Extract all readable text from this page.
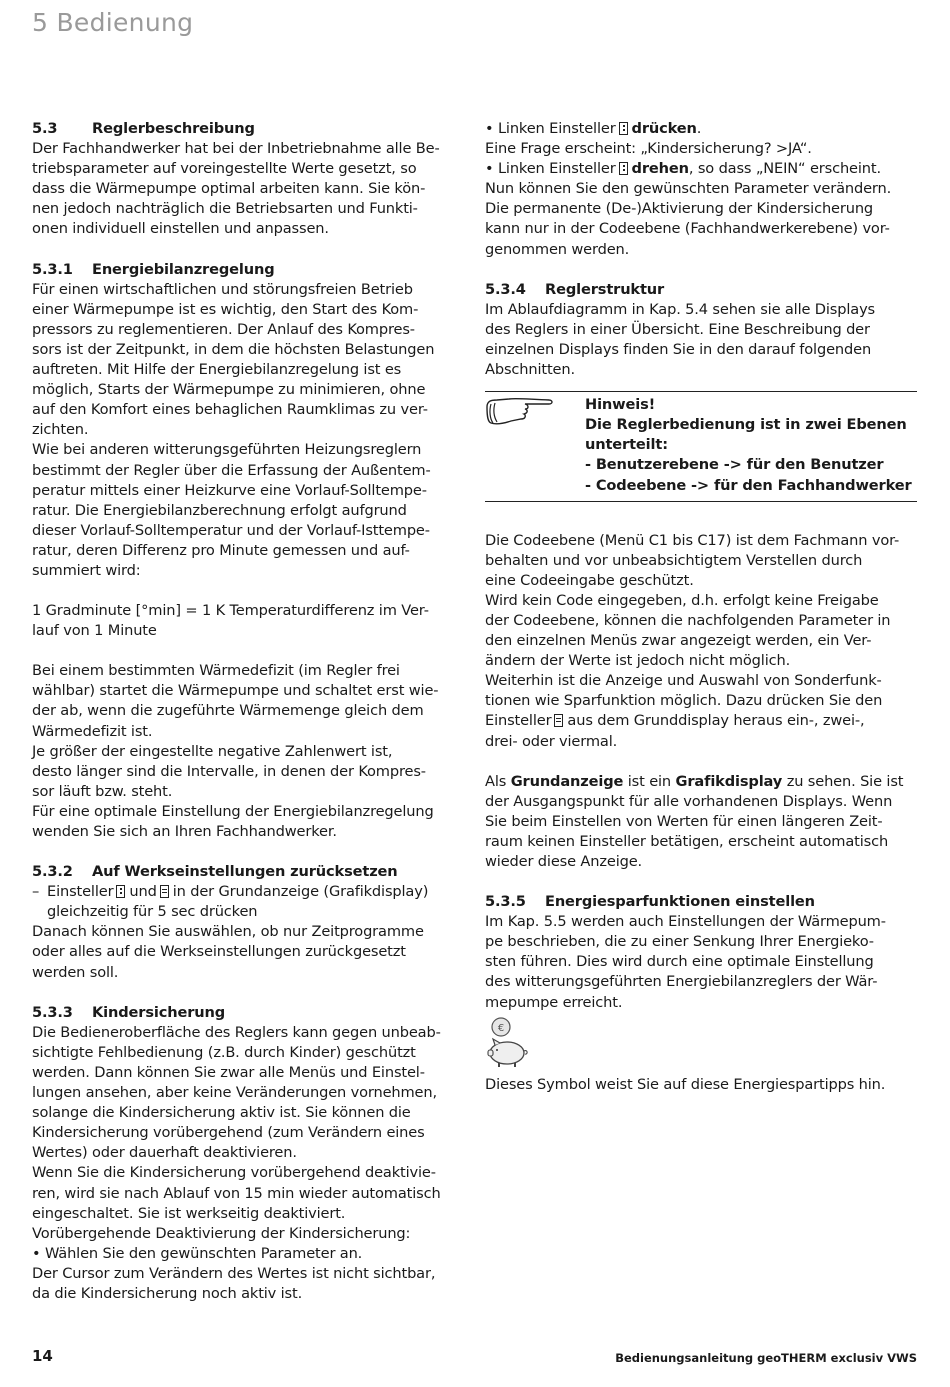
5 Bedienung

5.3 Reglerbeschreibung

Der Fachhandwerker hat bei der Inbetriebnahme alle Be-

triebsparameter auf voreingestellte Werte gesetzt, so

dass die Wärmepumpe optimal arbeiten kann. Sie kön-

nen jedoch nachträglich die Betriebsarten und Funkti-

onen individuell einstellen und anpassen.

5.3.1 Energiebilanzregelung

Für einen wirtschaftlichen und störungsfreien Betrieb

einer Wärmepumpe ist es wichtig, den Start des Kom-

pressors zu reglementieren. Der Anlauf des Kompres-

sors ist der Zeitpunkt, in dem die höchsten Belastungen

auftreten. Mit Hilfe der Energiebilanzregelung ist es

möglich, Starts der Wärmepumpe zu minimieren, ohne

auf den Komfort eines behaglichen Raumklimas zu ver-

zichten.

Wie bei anderen witterungsgeführten Heizungsreglern

bestimmt der Regler über die Erfassung der Außentem-

peratur mittels einer Heizkurve eine Vorlauf-Solltempe-

ratur. Die Energiebilanzberechnung erfolgt aufgrund

dieser Vorlauf-Solltemperatur und der Vorlauf-Isttempe-

ratur, deren Differenz pro Minute gemessen und auf-

summiert wird:

1 Gradminute [°min] = 1 K Temperaturdifferenz im Ver-

lauf von 1 Minute

Bei einem bestimmten Wärmedefizit (im Regler frei

wählbar) startet die Wärmepumpe und schaltet erst wie-

der ab, wenn die zugeführte Wärmemenge gleich dem

Wärmedefizit ist.

Je größer der eingestellte negative Zahlenwert ist,

desto länger sind die Intervalle, in denen der Kompres-

sor läuft bzw. steht.

Für eine optimale Einstellung der Energiebilanzregelung

wenden Sie sich an Ihren Fachhandwerker.

5.3.2 Auf Werkseinstellungen zurücksetzen

– Einsteller und in der Grundanzeige (Grafikdisplay)

gleichzeitig für 5 sec drücken

Danach können Sie auswählen, ob nur Zeitprogramme

oder alles auf die Werkseinstellungen zurückgesetzt

werden soll.

5.3.3 Kindersicherung

Die Bedieneroberfläche des Reglers kann gegen unbeab-

sichtigte Fehlbedienung (z.B. durch Kinder) geschützt

werden. Dann können Sie zwar alle Menüs und Einstel-

lungen ansehen, aber keine Veränderungen vornehmen,

solange die Kindersicherung aktiv ist. Sie können die

Kindersicherung vorübergehend (zum Verändern eines

Wertes) oder dauerhaft deaktivieren.

Wenn Sie die Kindersicherung vorübergehend deaktivie-

ren, wird sie nach Ablauf von 15 min wieder automatisch

eingeschaltet. Sie ist werkseitig deaktiviert.

Vorübergehende Deaktivierung der Kindersicherung:

• Wählen Sie den gewünschten Parameter an.

Der Cursor zum Verändern des Wertes ist nicht sichtbar,

da die Kindersicherung noch aktiv ist.

• Linken Einsteller drücken.

Eine Frage erscheint: „Kindersicherung? >JA“.

• Linken Einsteller drehen, so dass „NEIN“ erscheint.

Nun können Sie den gewünschten Parameter verändern.

Die permanente (De-)Aktivierung der Kindersicherung

kann nur in der Codeebene (Fachhandwerkerebene) vor-

genommen werden.

5.3.4 Reglerstruktur

Im Ablaufdiagramm in Kap. 5.4 sehen sie alle Displays

des Reglers in einer Übersicht. Eine Beschreibung der

einzelnen Displays finden Sie in den darauf folgenden

Abschnitten.

Hinweis!

Die Reglerbedienung ist in zwei Ebenen

unterteilt:

- Benutzerebene -> für den Benutzer

- Codeebene -> für den Fachhandwerker

Die Codeebene (Menü C1 bis C17) ist dem Fachmann vor-

behalten und vor unbeabsichtigtem Verstellen durch

eine Codeeingabe geschützt.

Wird kein Code eingegeben, d.h. erfolgt keine Freigabe

der Codeebene, können die nachfolgenden Parameter in

den einzelnen Menüs zwar angezeigt werden, ein Ver-

ändern der Werte ist jedoch nicht möglich.

Weiterhin ist die Anzeige und Auswahl von Sonderfunk-

tionen wie Sparfunktion möglich. Dazu drücken Sie den

Einsteller aus dem Grunddisplay heraus ein-, zwei-,

drei- oder viermal.

Als Grundanzeige ist ein Grafikdisplay zu sehen. Sie ist

der Ausgangspunkt für alle vorhandenen Displays. Wenn

Sie beim Einstellen von Werten für einen längeren Zeit-

raum keinen Einsteller betätigen, erscheint automatisch

wieder diese Anzeige.

5.3.5 Energiesparfunktionen einstellen

Im Kap. 5.5 werden auch Einstellungen der Wärmepum-

pe beschrieben, die zu einer Senkung Ihrer Energieko-

sten führen. Dies wird durch eine optimale Einstellung

des witterungsgeführten Energiebilanzreglers der Wär-

mepumpe erreicht.

€

Dieses Symbol weist Sie auf diese Energiespartipps hin.

14	Bedienungsanleitung geoTHERM exclusiv VWS
